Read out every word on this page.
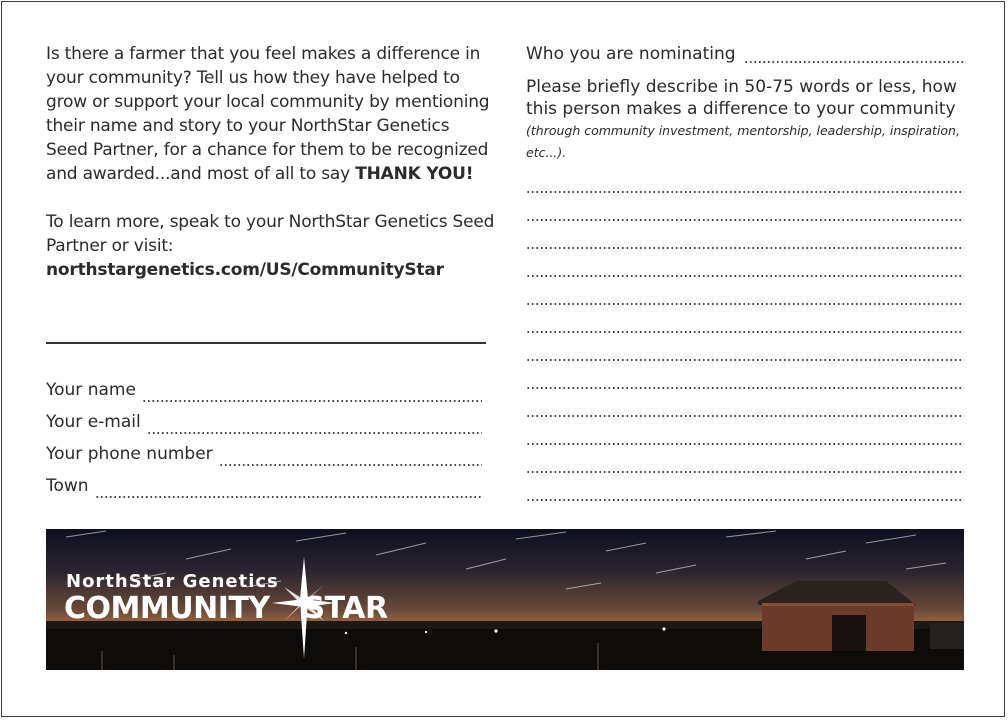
Is there a farmer that you feel makes a difference in your community? Tell us how they have helped to grow or support your local community by mentioning their name and story to your NorthStar Genetics Seed Partner, for a chance for them to be recognized and awarded...and most of all to say THANK YOU!

To learn more, speak to your NorthStar Genetics Seed Partner or visit:
northstargenetics.com/US/CommunityStar

Your name
Your e-mail
Your phone number
Town
Who you are nominating
Please briefly describe in 50-75 words or less, how this person makes a difference to your community
(through community investment, mentorship, leadership, inspiration, etc...).
NorthStar Genetics
COMMUNITY STAR
